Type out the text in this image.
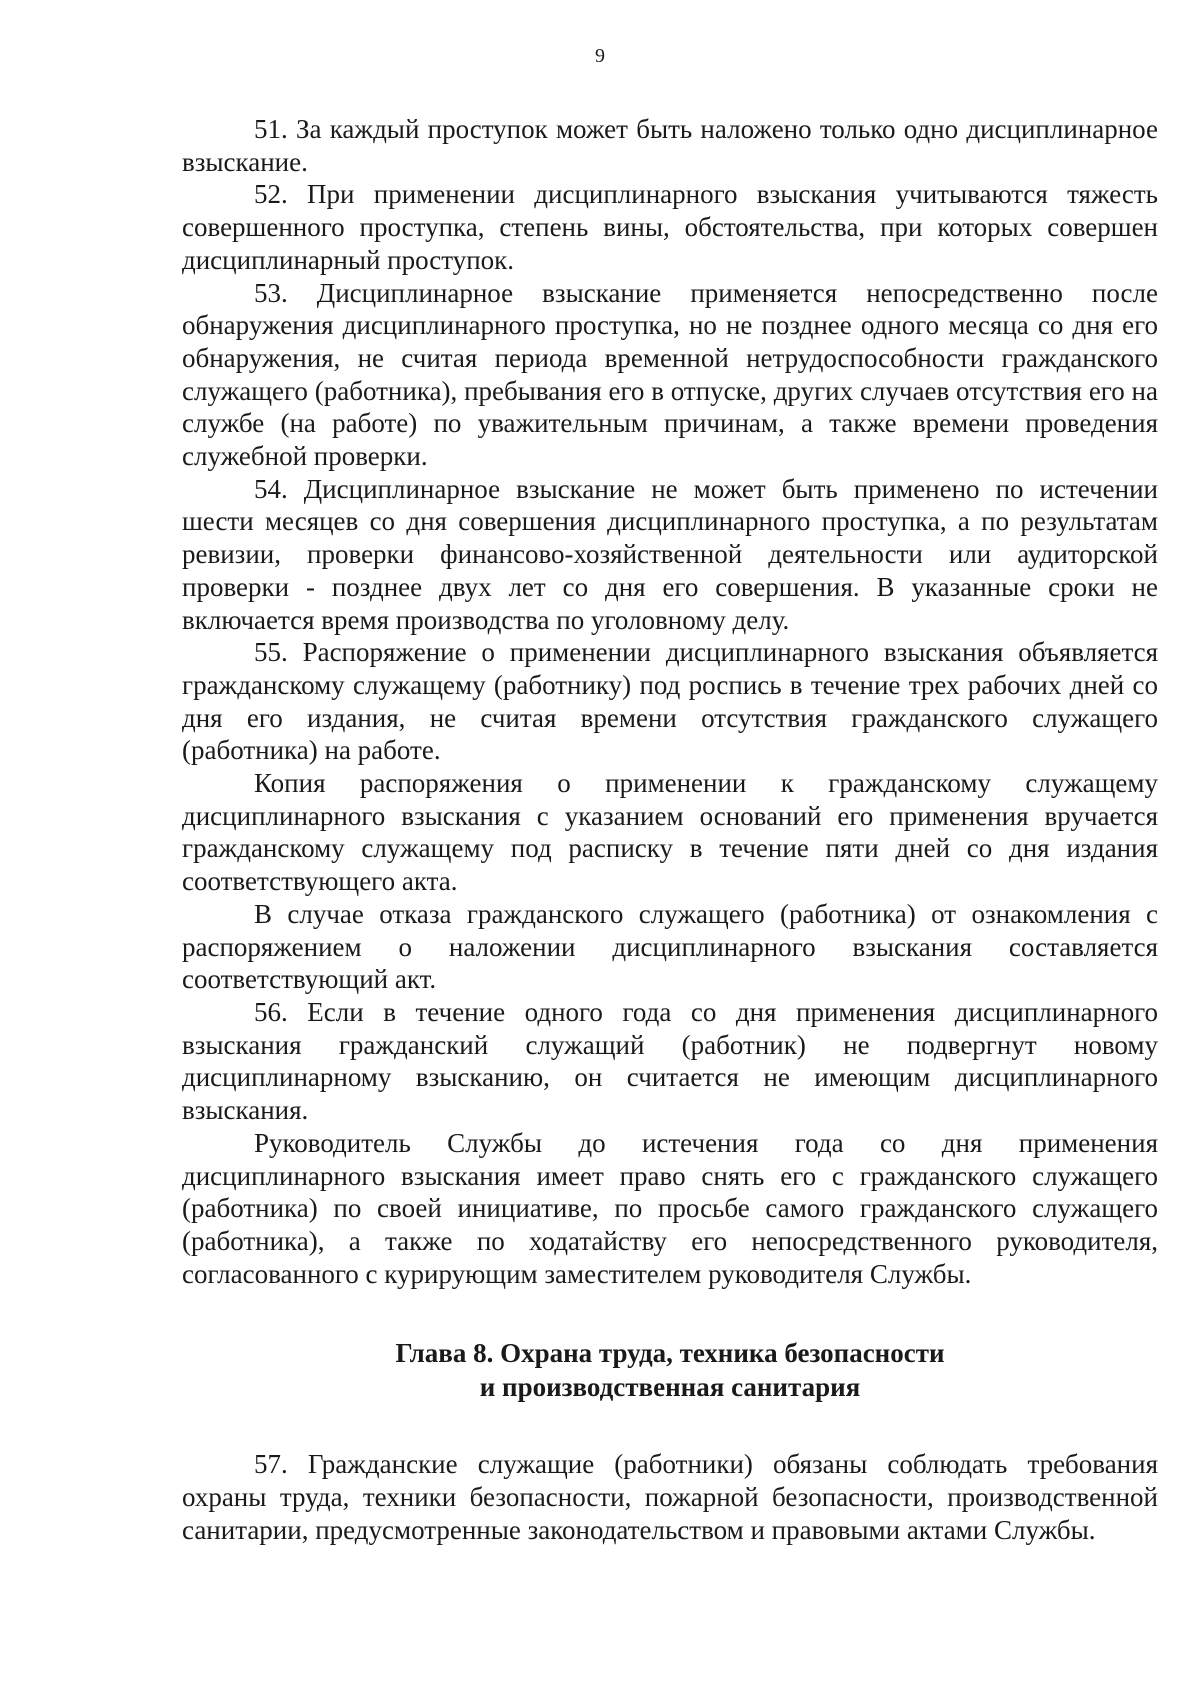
9

51. За каждый проступок может быть наложено только одно дисциплинарное взыскание.

52. При применении дисциплинарного взыскания учитываются тяжесть совершенного проступка, степень вины, обстоятельства, при которых совершен дисциплинарный проступок.

53. Дисциплинарное взыскание применяется непосредственно после обнаружения дисциплинарного проступка, но не позднее одного месяца со дня его обнаружения, не считая периода временной нетрудоспособности гражданского служащего (работника), пребывания его в отпуске, других случаев отсутствия его на службе (на работе) по уважительным причинам, а также времени проведения служебной проверки.

54. Дисциплинарное взыскание не может быть применено по истечении шести месяцев со дня совершения дисциплинарного проступка, а по результатам ревизии, проверки финансово-хозяйственной деятельности или аудиторской проверки - позднее двух лет со дня его совершения. В указанные сроки не включается время производства по уголовному делу.

55. Распоряжение о применении дисциплинарного взыскания объявляется гражданскому служащему (работнику) под роспись в течение трех рабочих дней со дня его издания, не считая времени отсутствия гражданского служащего (работника) на работе.

Копия распоряжения о применении к гражданскому служащему дисциплинарного взыскания с указанием оснований его применения вручается гражданскому служащему под расписку в течение пяти дней со дня издания соответствующего акта.

В случае отказа гражданского служащего (работника) от ознакомления с распоряжением о наложении дисциплинарного взыскания составляется соответствующий акт.

56. Если в течение одного года со дня применения дисциплинарного взыскания гражданский служащий (работник) не подвергнут новому дисциплинарному взысканию, он считается не имеющим дисциплинарного взыскания.

Руководитель Службы до истечения года со дня применения дисциплинарного взыскания имеет право снять его с гражданского служащего (работника) по своей инициативе, по просьбе самого гражданского служащего (работника), а также по ходатайству его непосредственного руководителя, согласованного с курирующим заместителем руководителя Службы.

Глава 8. Охрана труда, техника безопасности
и производственная санитария

57. Гражданские служащие (работники) обязаны соблюдать требования охраны труда, техники безопасности, пожарной безопасности, производственной санитарии, предусмотренные законодательством и правовыми актами Службы.
